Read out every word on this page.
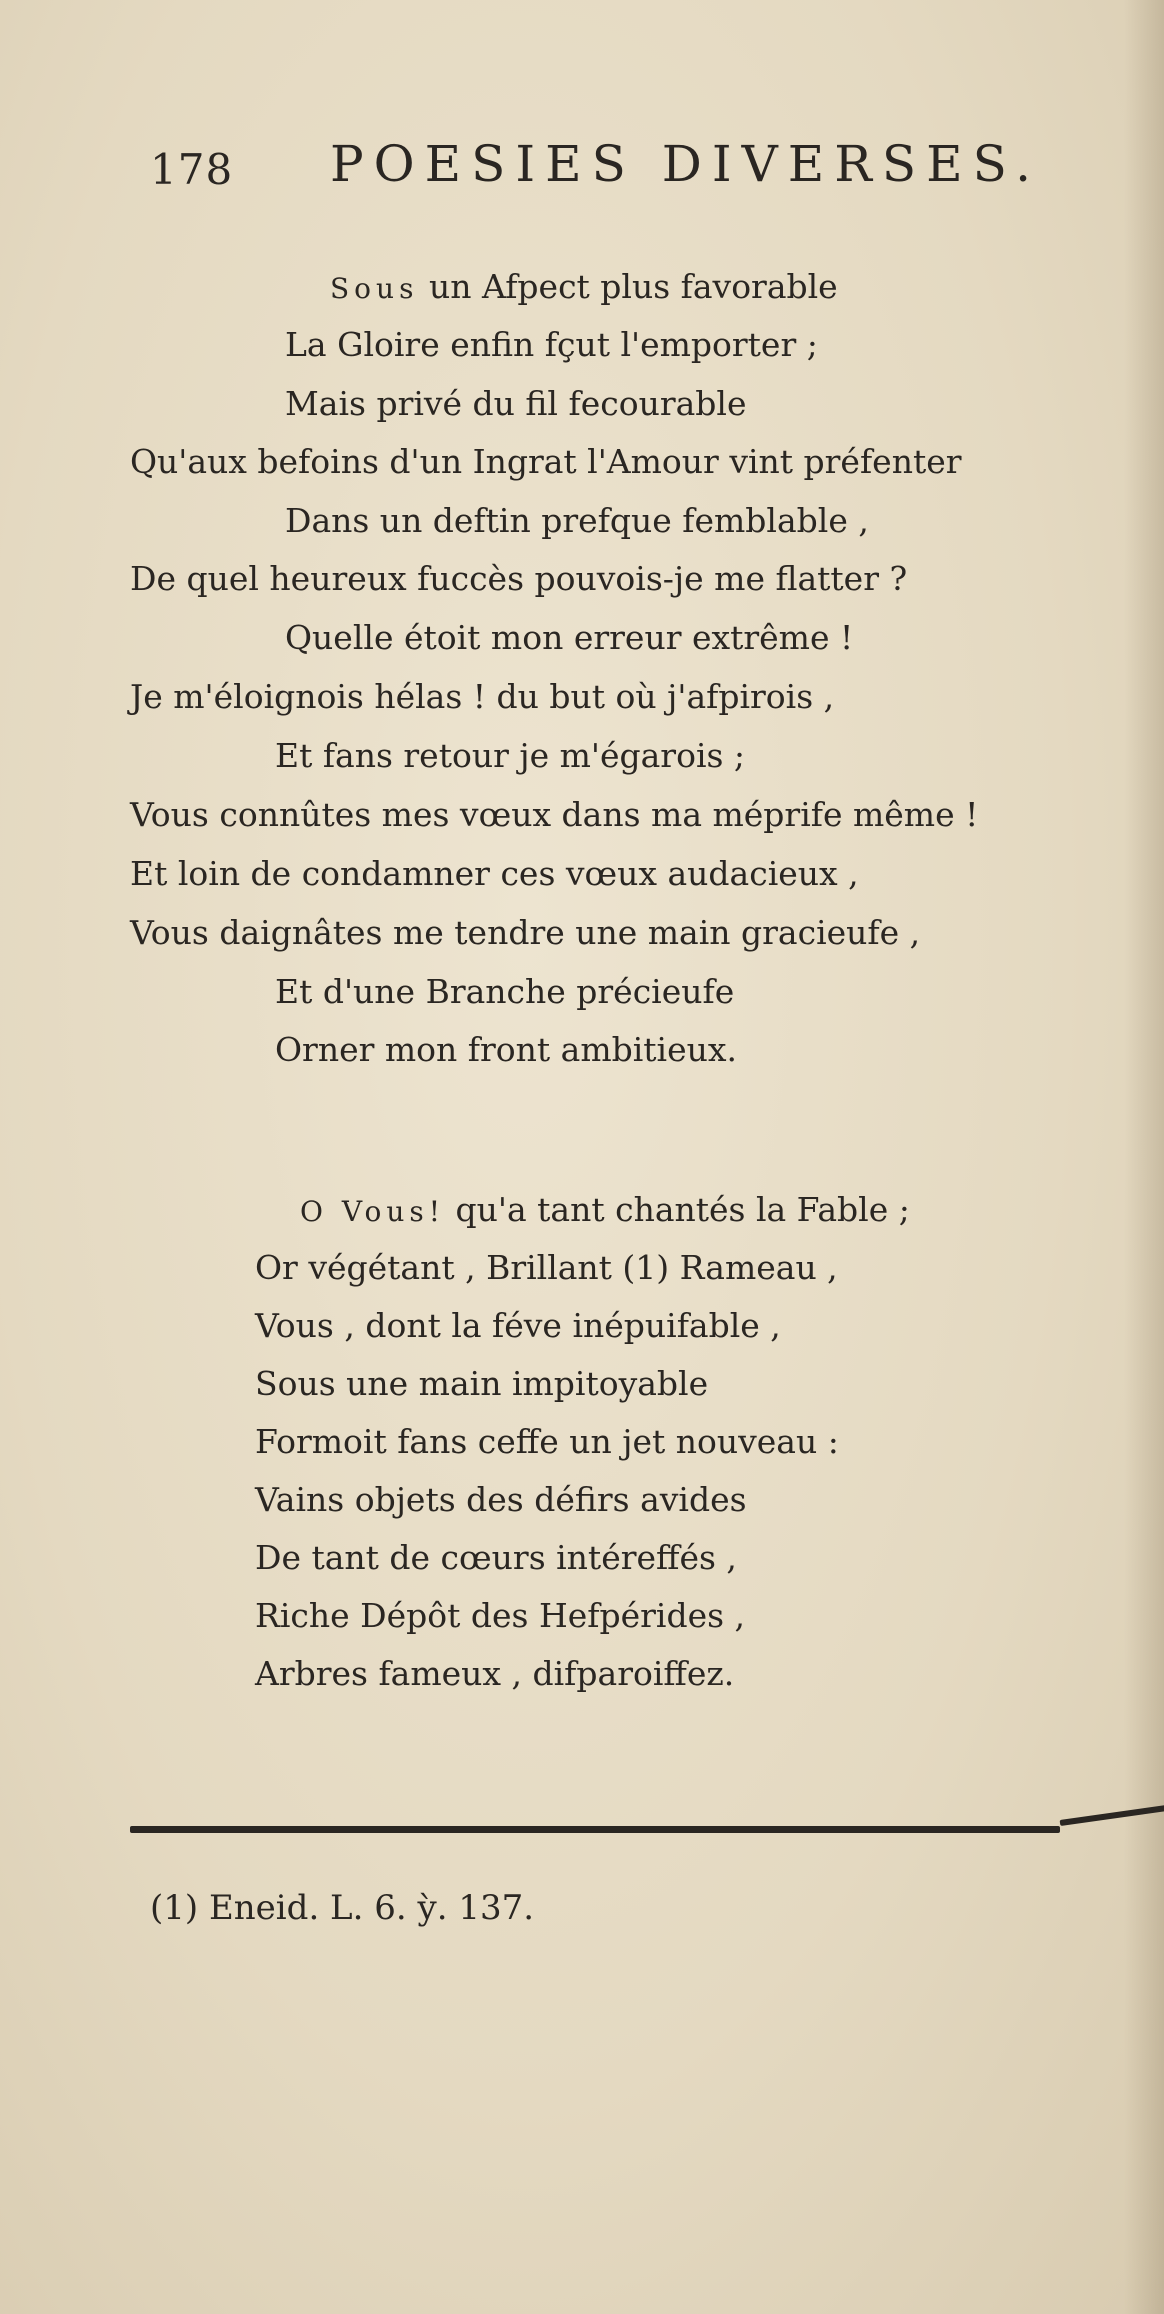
178 POESIES DIVERSES.
Sous un Afpect plus favorable
La Gloire enfin fçut l'emporter ;
Mais privé du fil fecourable
Qu'aux befoins d'un Ingrat l'Amour vint préfenter
Dans un deftin prefque femblable ,
De quel heureux fuccès pouvois-je me flatter ?
Quelle étoit mon erreur extrême !
Je m'éloignois hélas ! du but où j'afpirois ,
Et fans retour je m'égarois ;
Vous connûtes mes vœux dans ma méprife même !
Et loin de condamner ces vœux audacieux ,
Vous daignâtes me tendre une main gracieufe ,
Et d'une Branche précieufe
Orner mon front ambitieux.
O Vous! qu'a tant chantés la Fable ;
Or végétant , Brillant (1) Rameau ,
Vous , dont la féve inépuifable ,
Sous une main impitoyable
Formoit fans ceffe un jet nouveau :
Vains objets des défirs avides
De tant de cœurs intéreffés ,
Riche Dépôt des Hefpérides ,
Arbres fameux , difparoiffez.
(1) Eneid. L. 6. ỳ. 137.
